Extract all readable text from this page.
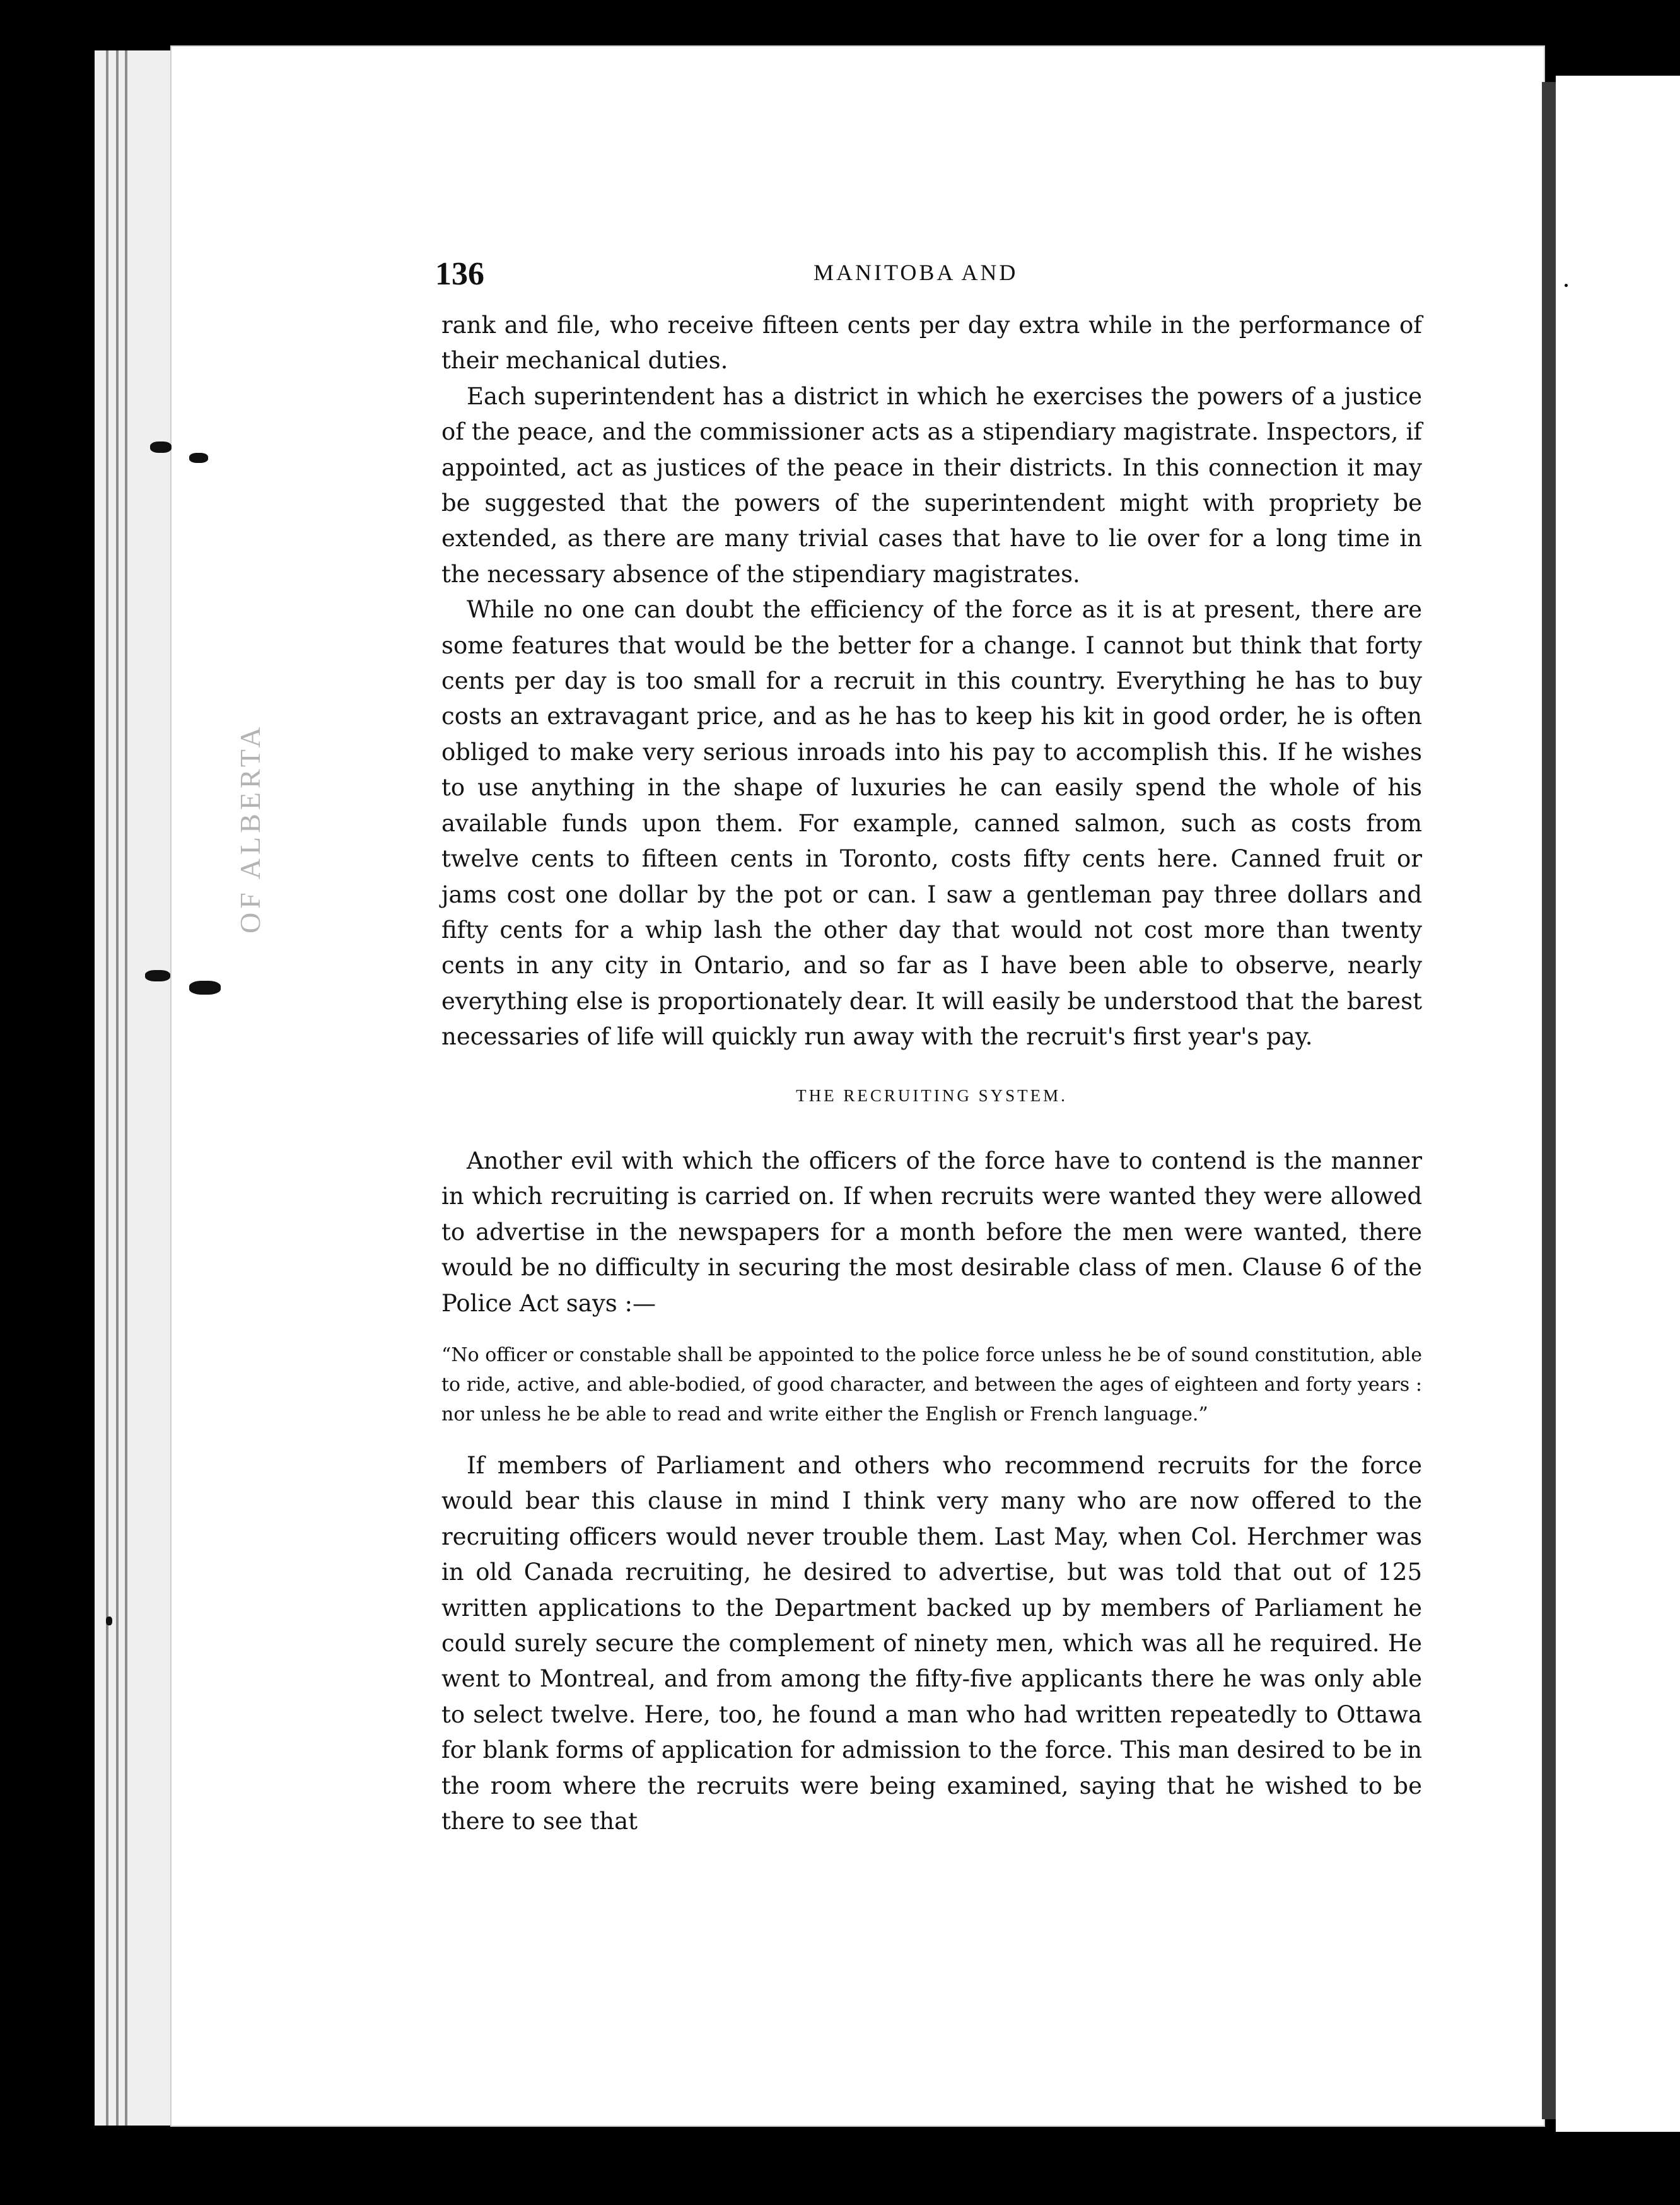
OF ALBERTA
136	MANITOBA AND

rank and file, who receive fifteen cents per day extra while in the performance of their mechanical duties.

Each superintendent has a district in which he exercises the powers of a justice of the peace, and the commissioner acts as a stipendiary magistrate. Inspectors, if appointed, act as justices of the peace in their districts. In this connection it may be suggested that the powers of the superintendent might with propriety be extended, as there are many trivial cases that have to lie over for a long time in the necessary absence of the stipendiary magistrates.

While no one can doubt the efficiency of the force as it is at present, there are some features that would be the better for a change. I cannot but think that forty cents per day is too small for a recruit in this country. Everything he has to buy costs an extravagant price, and as he has to keep his kit in good order, he is often obliged to make very serious inroads into his pay to accomplish this. If he wishes to use anything in the shape of luxuries he can easily spend the whole of his available funds upon them. For example, canned salmon, such as costs from twelve cents to fifteen cents in Toronto, costs fifty cents here. Canned fruit or jams cost one dollar by the pot or can. I saw a gentleman pay three dollars and fifty cents for a whip lash the other day that would not cost more than twenty cents in any city in Ontario, and so far as I have been able to observe, nearly everything else is proportionately dear. It will easily be understood that the barest necessaries of life will quickly run away with the recruit's first year's pay.

THE RECRUITING SYSTEM.

Another evil with which the officers of the force have to contend is the manner in which recruiting is carried on. If when recruits were wanted they were allowed to advertise in the newspapers for a month before the men were wanted, there would be no difficulty in securing the most desirable class of men. Clause 6 of the Police Act says :—

“No officer or constable shall be appointed to the police force unless he be of sound constitution, able to ride, active, and able-bodied, of good character, and between the ages of eighteen and forty years : nor unless he be able to read and write either the English or French language.”

If members of Parliament and others who recommend recruits for the force would bear this clause in mind I think very many who are now offered to the recruiting officers would never trouble them. Last May, when Col. Herchmer was in old Canada recruiting, he desired to advertise, but was told that out of 125 written applications to the Department backed up by members of Parliament he could surely secure the complement of ninety men, which was all he required. He went to Montreal, and from among the fifty-five applicants there he was only able to select twelve. Here, too, he found a man who had written repeatedly to Ottawa for blank forms of application for admission to the force. This man desired to be in the room where the recruits were being examined, saying that he wished to be there to see that
